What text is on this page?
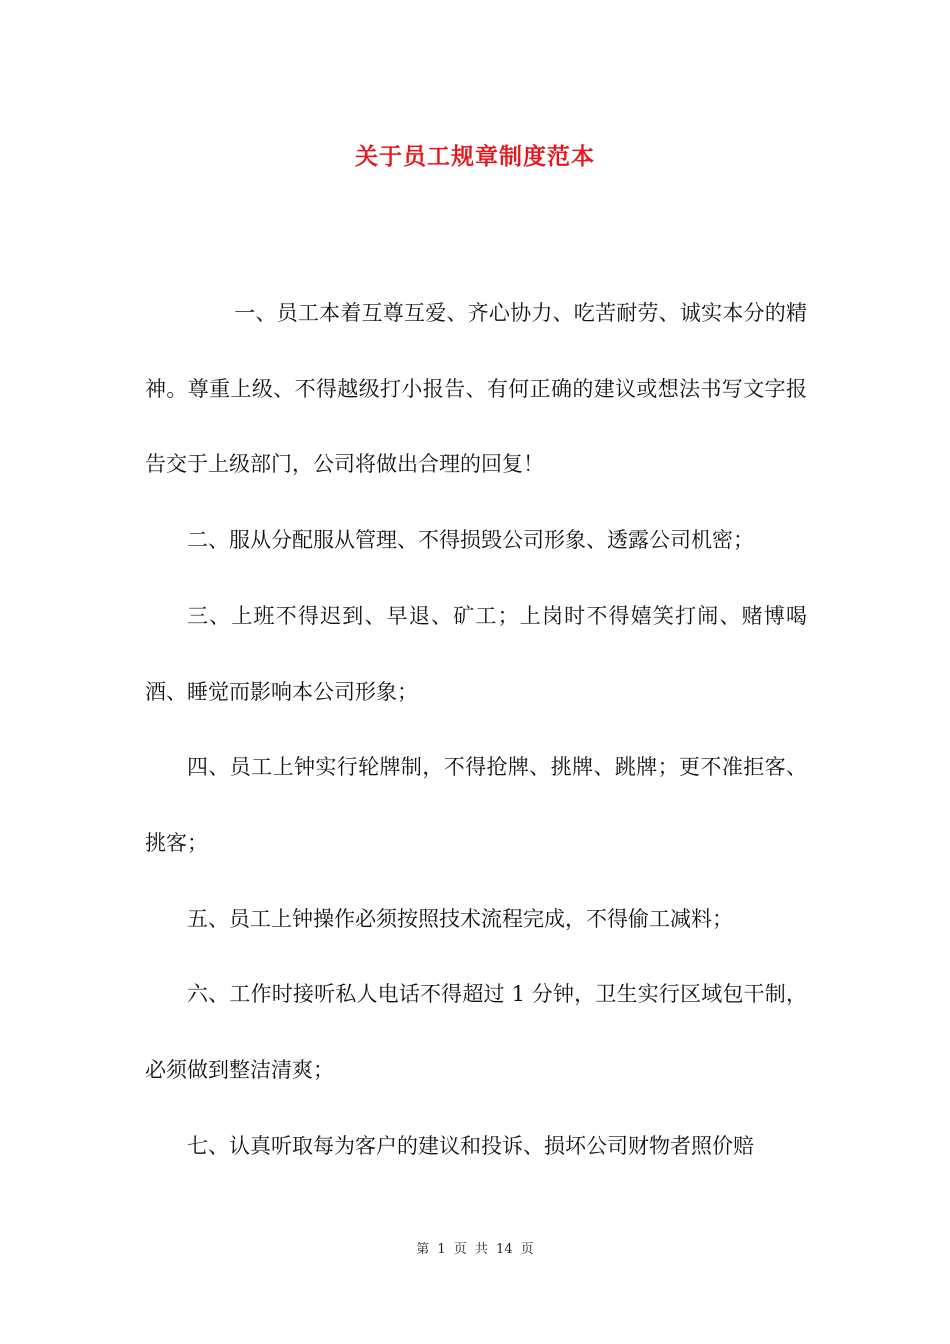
关于员工规章制度范本

一、员工本着互尊互爱、齐心协力、吃苦耐劳、诚实本分的精神。尊重上级、不得越级打小报告、有何正确的建议或想法书写文字报告交于上级部门，公司将做出合理的回复！

二、服从分配服从管理、不得损毁公司形象、透露公司机密；

三、上班不得迟到、早退、矿工；上岗时不得嬉笑打闹、赌博喝酒、睡觉而影响本公司形象；

四、员工上钟实行轮牌制，不得抢牌、挑牌、跳牌；更不准拒客、挑客；

五、员工上钟操作必须按照技术流程完成，不得偷工减料；

六、工作时接听私人电话不得超过 1 分钟，卫生实行区域包干制，必须做到整洁清爽；

七、认真听取每为客户的建议和投诉、损坏公司财物者照价赔

第 1 页 共 14 页
